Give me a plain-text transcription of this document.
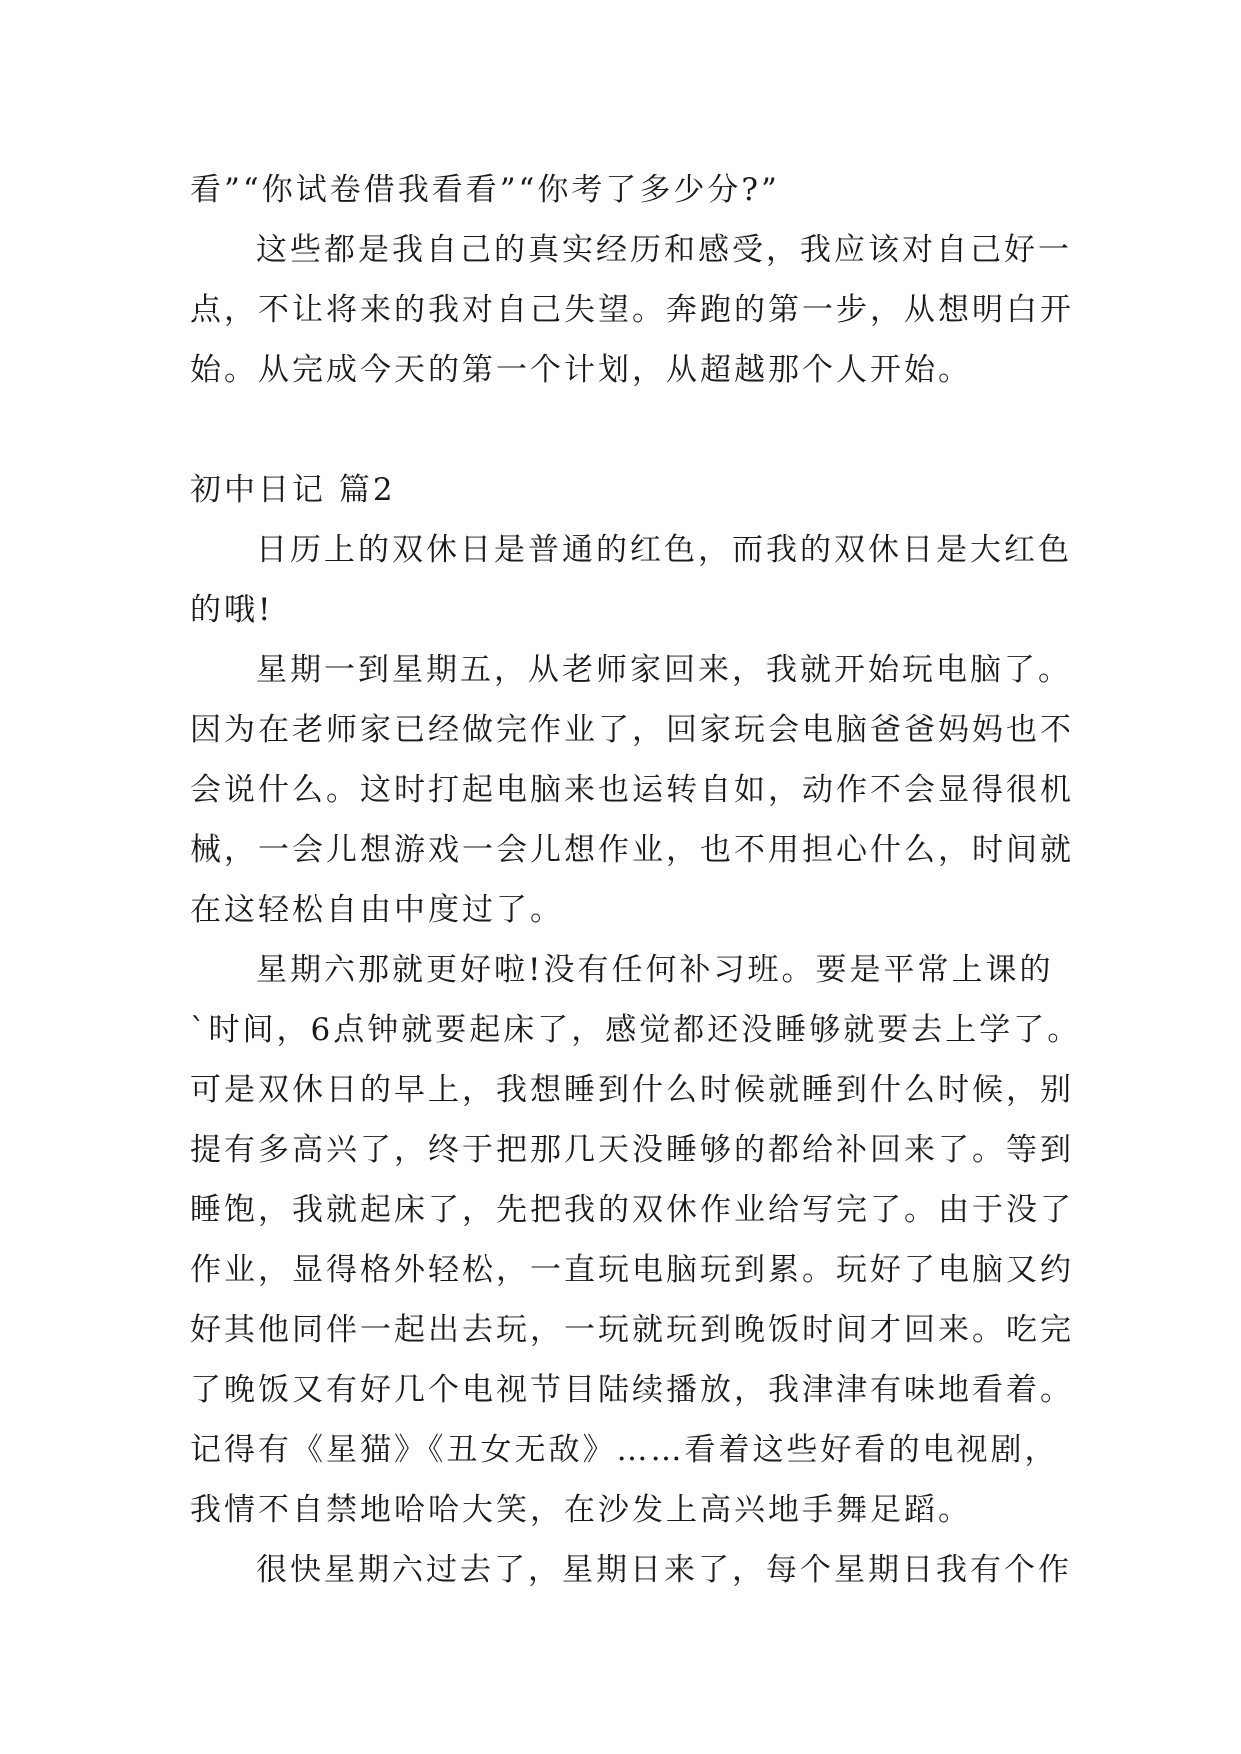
看”“你试卷借我看看”“你考了多少分?”
这些都是我自己的真实经历和感受，我应该对自己好一
点，不让将来的我对自己失望。奔跑的第一步，从想明白开
始。从完成今天的第一个计划，从超越那个人开始。
初中日记 篇2
日历上的双休日是普通的红色，而我的双休日是大红色
的哦!
星期一到星期五，从老师家回来，我就开始玩电脑了。
因为在老师家已经做完作业了，回家玩会电脑爸爸妈妈也不
会说什么。这时打起电脑来也运转自如，动作不会显得很机
械，一会儿想游戏一会儿想作业，也不用担心什么，时间就
在这轻松自由中度过了。
星期六那就更好啦!没有任何补习班。要是平常上课的
`时间，6点钟就要起床了，感觉都还没睡够就要去上学了。
可是双休日的早上，我想睡到什么时候就睡到什么时候，别
提有多高兴了，终于把那几天没睡够的都给补回来了。等到
睡饱，我就起床了，先把我的双休作业给写完了。由于没了
作业，显得格外轻松，一直玩电脑玩到累。玩好了电脑又约
好其他同伴一起出去玩，一玩就玩到晚饭时间才回来。吃完
了晚饭又有好几个电视节目陆续播放，我津津有味地看着。
记得有《星猫》《丑女无敌》……看着这些好看的电视剧，
我情不自禁地哈哈大笑，在沙发上高兴地手舞足蹈。
很快星期六过去了，星期日来了，每个星期日我有个作
